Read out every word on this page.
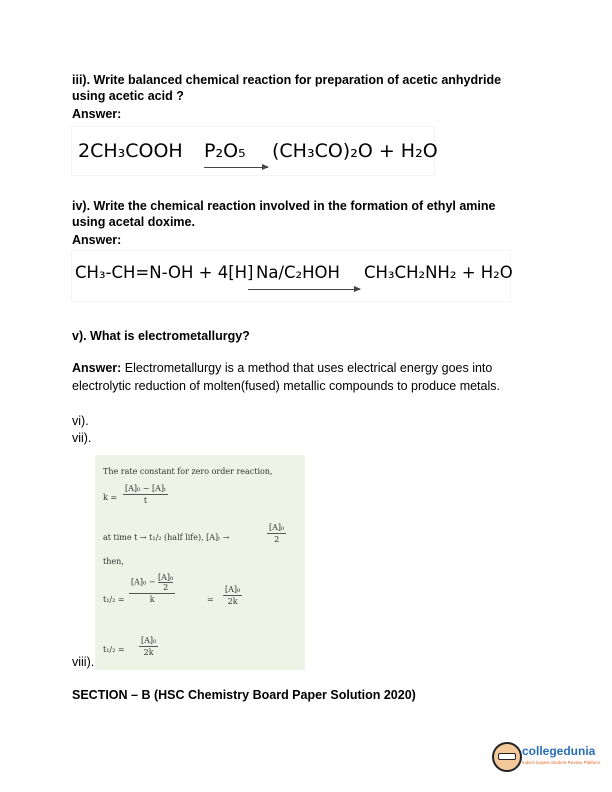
iii). Write balanced chemical reaction for preparation of acetic anhydride
using acetic acid ?
Answer:
2CH₃COOH P₂O₅ (CH₃CO)₂O + H₂O
iv). Write the chemical reaction involved in the formation of ethyl amine
using acetal doxime.
Answer:
CH₃-CH=N-OH + 4[H] Na/C₂HOH CH₃CH₂NH₂ + H₂O
v). What is electrometallurgy?
Answer: Electrometallurgy is a method that uses electrical energy goes into electrolytic reduction of molten(fused) metallic compounds to produce metals.
vi).
vii).
The rate constant for zero order reaction,
$k = \frac{\text{[A]₀ − [A]ₜ}}{t}$
at time t → t₁/₂ (half life), [A]ₜ →	$\frac{\text{[A]₀}}{2}$
then,
$t_1/_2 = \frac{[A]_0 - \frac{\text{[A]₀}}{2}}{k}$	= $\frac{\text{[A]₀}}{2k}$
$t_1/_2 = \frac{\text{[A]₀}}{2k}$
viii).
SECTION – B (HSC Chemistry Board Paper Solution 2020)
collegedunia
India's largest Student Review Platform
